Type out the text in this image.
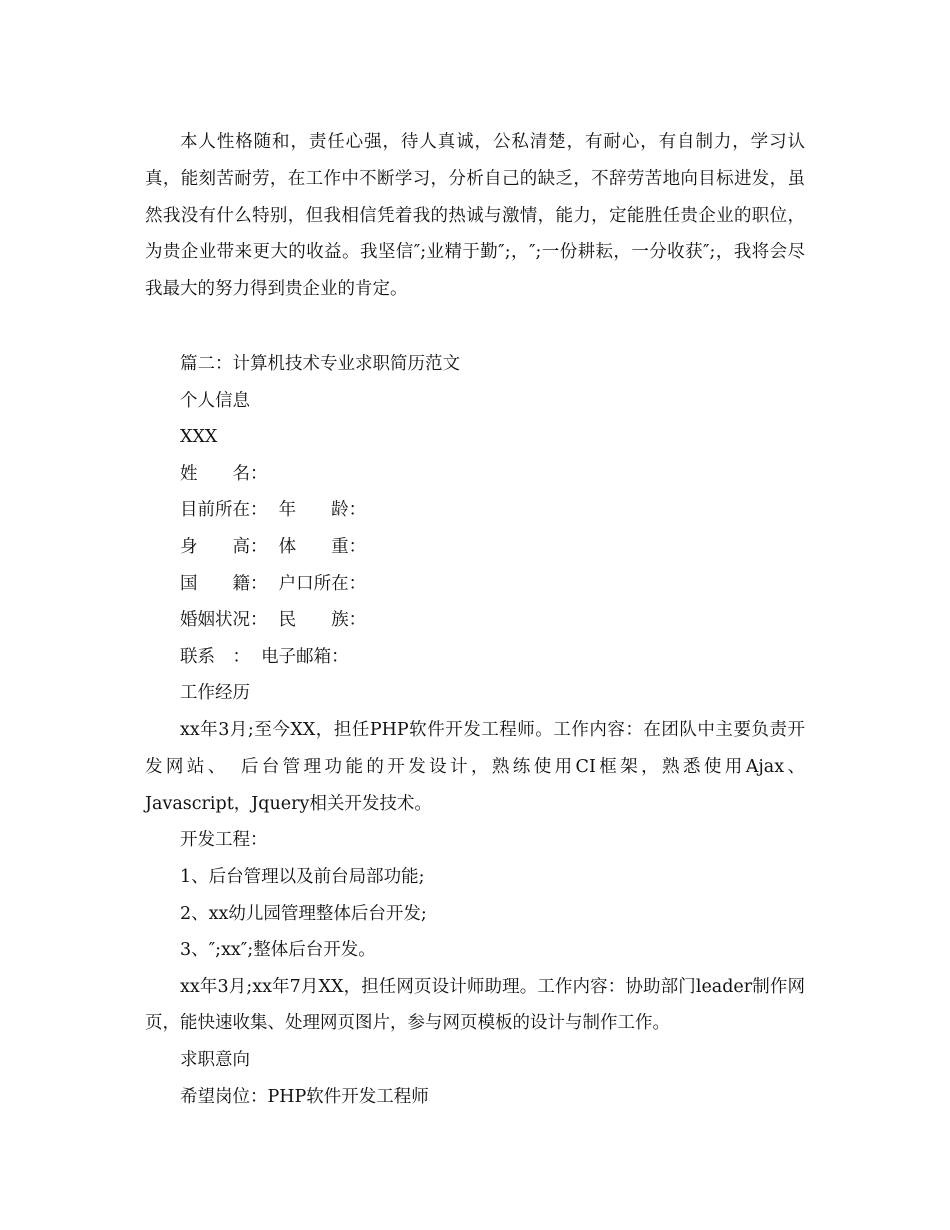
本人性格随和，责任心强，待人真诚，公私清楚，有耐心，有自制力，学习认真，能刻苦耐劳，在工作中不断学习，分析自己的缺乏，不辞劳苦地向目标进发，虽然我没有什么特别，但我相信凭着我的热诚与激情，能力，定能胜任贵企业的职位，为贵企业带来更大的收益。我坚信″;业精于勤″;，″;一份耕耘，一分收获″;，我将会尽我最大的努力得到贵企业的肯定。

篇二：计算机技术专业求职简历范文

个人信息

XXX

姓　　名：

目前所在：  年　　龄：

身　　高：  体　　重：

国　　籍：  户口所在：

婚姻状况：  民　　族：

联系　：  电子邮箱：

工作经历

xx年3月;至今XX，担任PHP软件开发工程师。工作内容：在团队中主要负责开发网站、　后台管理功能的开发设计，熟练使用CI框架，熟悉使用Ajax、Javascript，Jquery相关开发技术。

开发工程：

1、后台管理以及前台局部功能;

2、xx幼儿园管理整体后台开发;

3、″;xx″;整体后台开发。

xx年3月;xx年7月XX，担任网页设计师助理。工作内容：协助部门leader制作网页，能快速收集、处理网页图片，参与网页模板的设计与制作工作。

求职意向

希望岗位：PHP软件开发工程师
